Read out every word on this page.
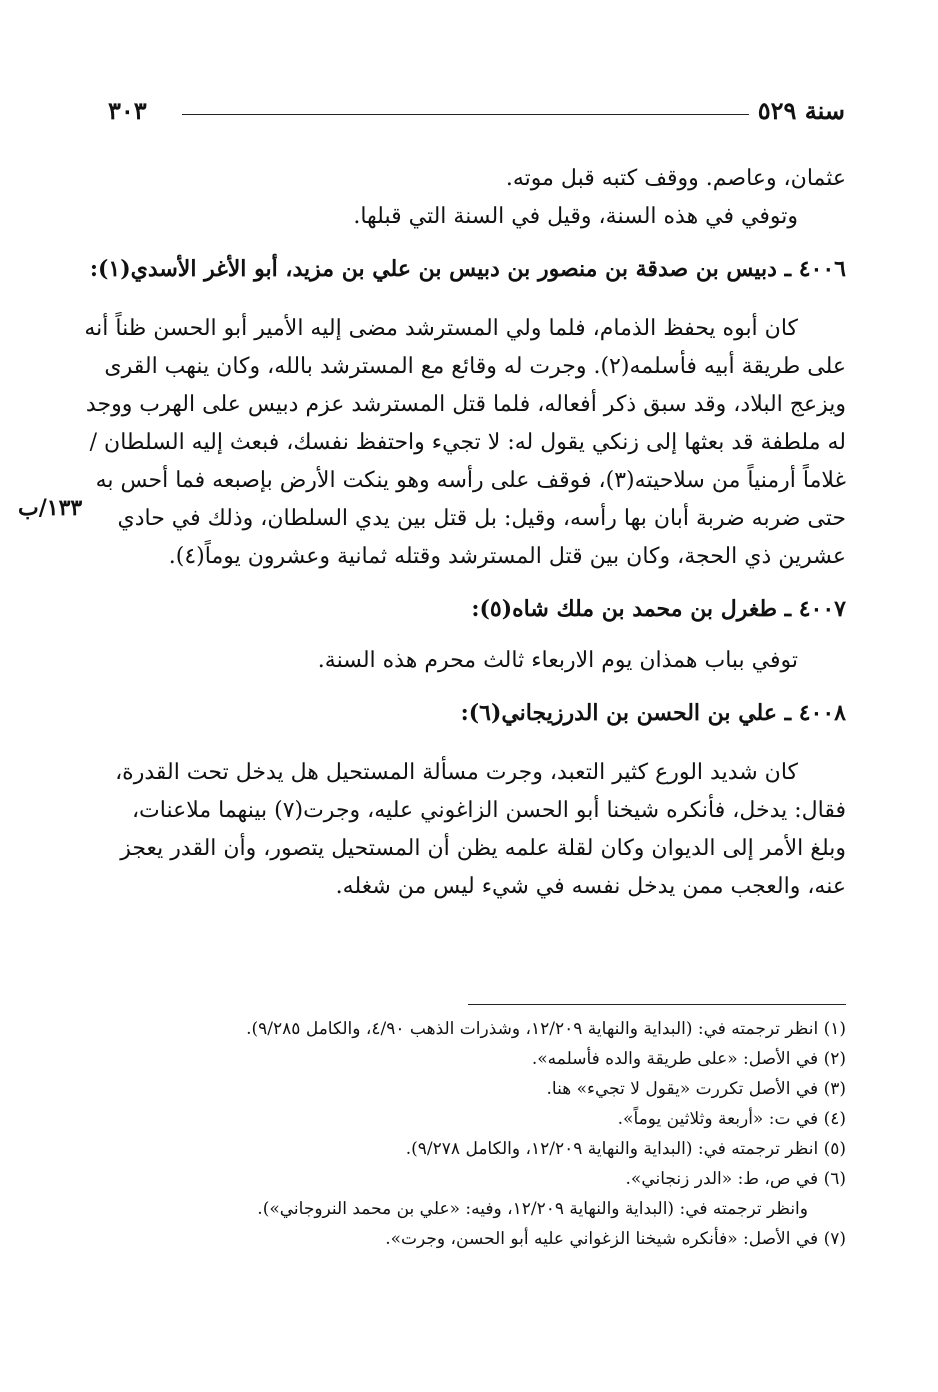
سنة ٥٢٩
٣٠٣
١٣٣/ب
عثمان، وعاصم. ووقف كتبه قبل موته.
وتوفي في هذه السنة، وقيل في السنة التي قبلها.
٤٠٠٦ ـ دبيس بن صدقة بن منصور بن دبيس بن علي بن مزيد، أبو الأغر الأسدي(١):
كان أبوه يحفظ الذمام، فلما ولي المسترشد مضى إليه الأمير أبو الحسن ظناً أنه
على طريقة أبيه فأسلمه(٢). وجرت له وقائع مع المسترشد بالله، وكان ينهب القرى
ويزعج البلاد، وقد سبق ذكر أفعاله، فلما قتل المسترشد عزم دبيس على الهرب ووجد
له ملطفة قد بعثها إلى زنكي يقول له: لا تجيء واحتفظ نفسك، فبعث إليه السلطان /
غلاماً أرمنياً من سلاحيته(٣)، فوقف على رأسه وهو ينكت الأرض بإصبعه فما أحس به
حتى ضربه ضربة أبان بها رأسه، وقيل: بل قتل بين يدي السلطان، وذلك في حادي
عشرين ذي الحجة، وكان بين قتل المسترشد وقتله ثمانية وعشرون يوماً(٤).
٤٠٠٧ ـ طغرل بن محمد بن ملك شاه(٥):
توفي بباب همذان يوم الاربعاء ثالث محرم هذه السنة.
٤٠٠٨ ـ علي بن الحسن بن الدرزيجاني(٦):
كان شديد الورع كثير التعبد، وجرت مسألة المستحيل هل يدخل تحت القدرة،
فقال: يدخل، فأنكره شيخنا أبو الحسن الزاغوني عليه، وجرت(٧) بينهما ملاعنات،
وبلغ الأمر إلى الديوان وكان لقلة علمه يظن أن المستحيل يتصور، وأن القدر يعجز
عنه، والعجب ممن يدخل نفسه في شيء ليس من شغله.
(١) انظر ترجمته في: (البداية والنهاية ١٢/٢٠٩، وشذرات الذهب ٤/٩٠، والكامل ٩/٢٨٥).
(٢) في الأصل: «على طريقة والده فأسلمه».
(٣) في الأصل تكررت «يقول لا تجيء» هنا.
(٤) في ت: «أربعة وثلاثين يوماً».
(٥) انظر ترجمته في: (البداية والنهاية ١٢/٢٠٩، والكامل ٩/٢٧٨).
(٦) في ص، ط: «الدر زنجاني».
وانظر ترجمته في: (البداية والنهاية ١٢/٢٠٩، وفيه: «علي بن محمد النروجاني»).
(٧) في الأصل: «فأنكره شيخنا الزغواني عليه أبو الحسن، وجرت».
